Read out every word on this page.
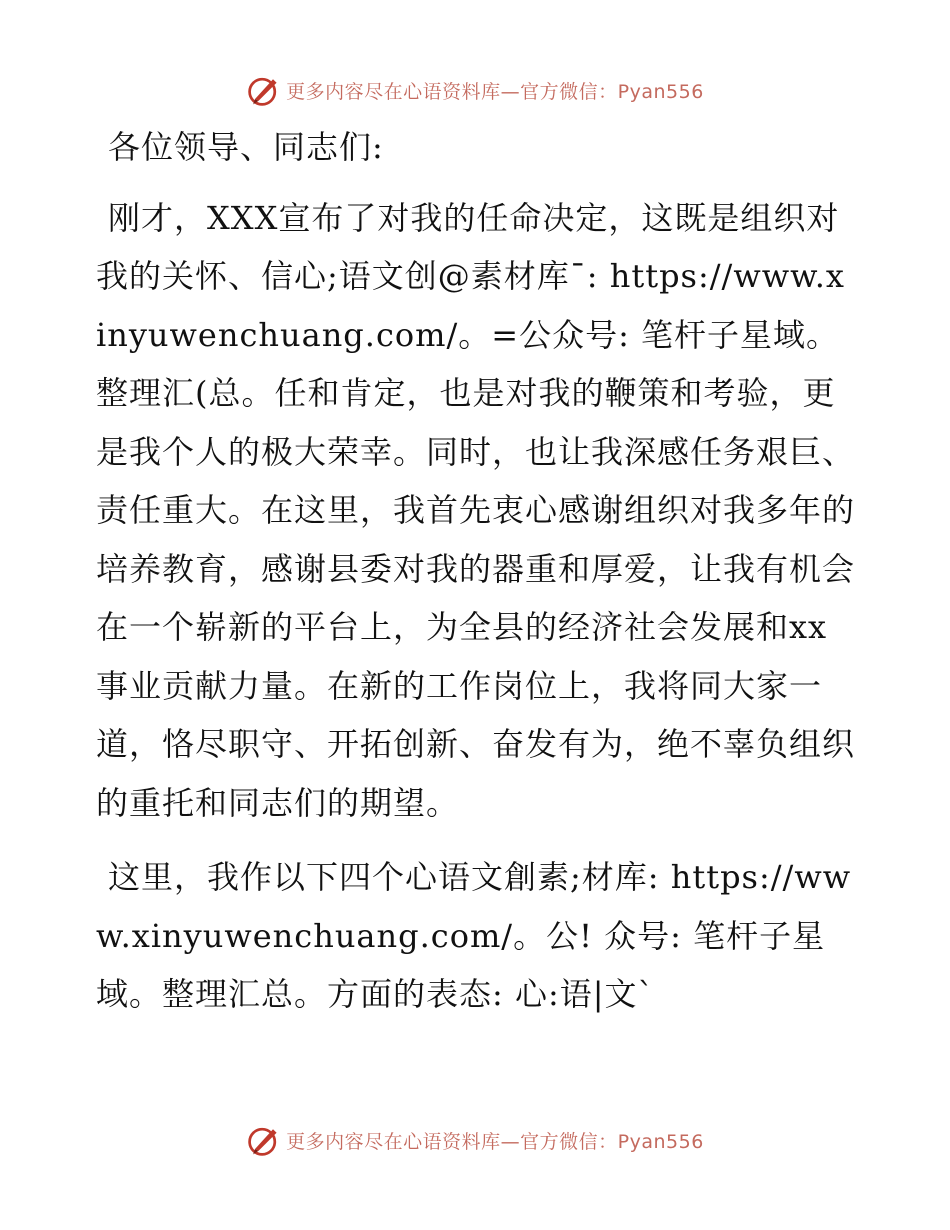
更多内容尽在心语资料库—官方微信：Pyan556

各位领导、同志们:

刚才，XXX宣布了对我的任命决定，这既是组织对我的关怀、信心;语文创@素材库¯: https://www.xinyuwenchuang.com/。=公众号: 笔杆子星域。整理汇(总。任和肯定，也是对我的鞭策和考验，更是我个人的极大荣幸。同时，也让我深感任务艰巨、责任重大。在这里，我首先衷心感谢组织对我多年的培养教育，感谢县委对我的器重和厚爱，让我有机会在一个崭新的平台上，为全县的经济社会发展和xx事业贡献力量。在新的工作岗位上，我将同大家一道，恪尽职守、开拓创新、奋发有为，绝不辜负组织的重托和同志们的期望。

这里，我作以下四个心语文創素;材库: https://www.xinyuwenchuang.com/。公! 众号: 笔杆子星域。整理汇总。方面的表态: 心:语|文`

更多内容尽在心语资料库—官方微信：Pyan556
